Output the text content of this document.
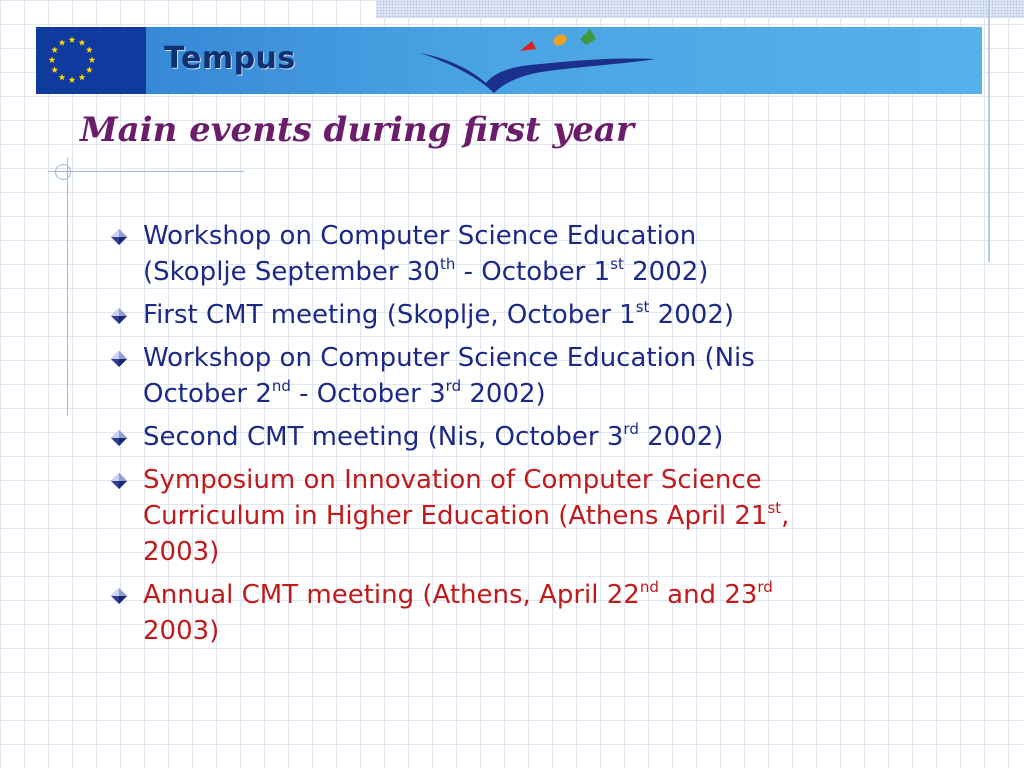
Tempus
Main events during first year
Workshop on Computer Science Education
(Skoplje September 30th - October 1st 2002)
First CMT meeting (Skoplje, October 1st 2002)
Workshop on Computer Science Education (Nis
October 2nd - October 3rd 2002)
Second CMT meeting (Nis, October 3rd 2002)
Symposium on Innovation of Computer Science
Curriculum in Higher Education (Athens April 21st,
2003)
Annual CMT meeting (Athens, April 22nd and 23rd
2003)
